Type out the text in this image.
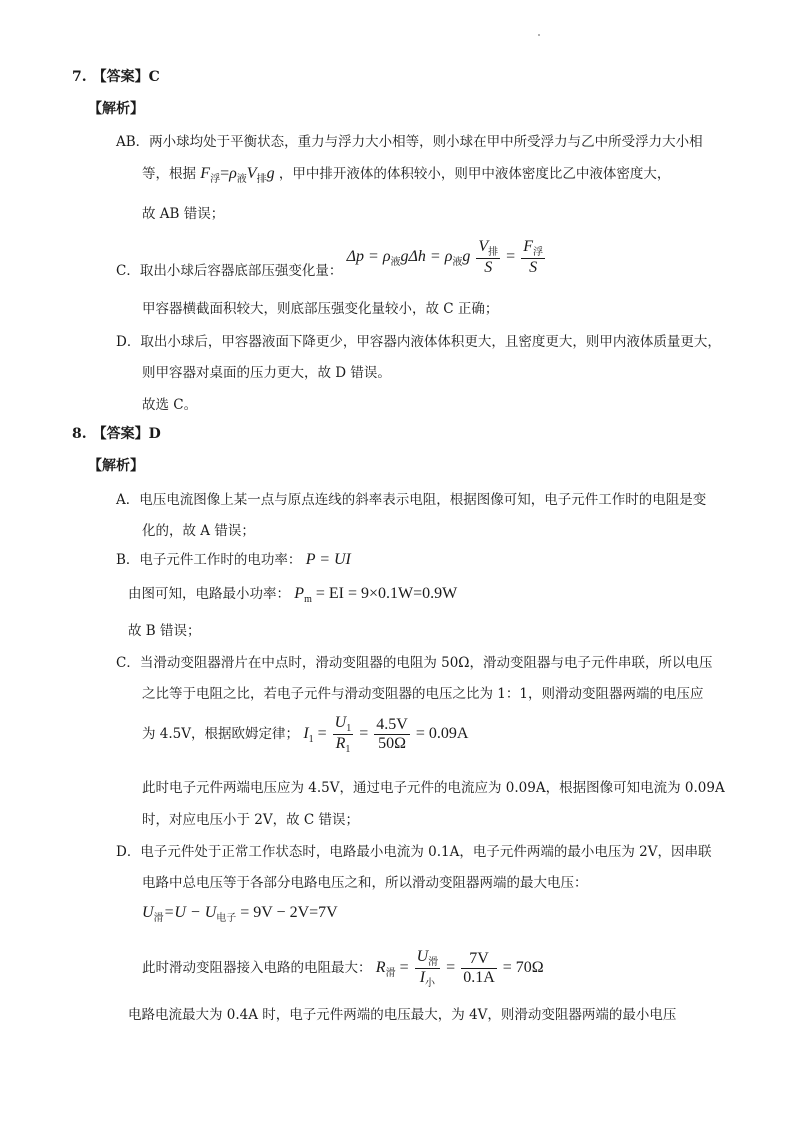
7. 【答案】C
【解析】
AB．两小球均处于平衡状态，重力与浮力大小相等，则小球在甲中所受浮力与乙中所受浮力大小相
等，根据 $F_浮=\rho_液V_排g$ ，甲中排开液体的体积较小，则甲中液体密度比乙中液体密度大，
故 AB 错误；
C．取出小球后容器底部压强变化量： $\Delta p = \rho_液g\Delta h = \rho_液g \frac{V_排}{S} = \frac{F_浮}{S}$
甲容器横截面积较大，则底部压强变化量较小，故 C 正确；
D．取出小球后，甲容器液面下降更少，甲容器内液体体积更大，且密度更大，则甲内液体质量更大，
则甲容器对桌面的压力更大，故 D 错误。
故选 C。
8. 【答案】D
【解析】
A．电压电流图像上某一点与原点连线的斜率表示电阻，根据图像可知，电子元件工作时的电阻是变
化的，故 A 错误；
B．电子元件工作时的电功率： P = UI
由图可知，电路最小功率： $P_m$ = EI = 9×0.1W=0.9W
故 B 错误；
C．当滑动变阻器滑片在中点时，滑动变阻器的电阻为 50Ω，滑动变阻器与电子元件串联，所以电压
之比等于电阻之比，若电子元件与滑动变阻器的电压之比为 1：1，则滑动变阻器两端的电压应
为 4.5V，根据欧姆定律； $I_1 = \frac{U_1}{R_1} = \frac{4.5V}{50\Omega} = 0.09A$
此时电子元件两端电压应为 4.5V，通过电子元件的电流应为 0.09A，根据图像可知电流为 0.09A
时，对应电压小于 2V，故 C 错误；
D．电子元件处于正常工作状态时，电路最小电流为 0.1A，电子元件两端的最小电压为 2V，因串联
电路中总电压等于各部分电路电压之和，所以滑动变阻器两端的最大电压：
$U_滑=U - U_{电子} = 9V - 2V=7V$
此时滑动变阻器接入电路的电阻最大： $R_滑 = \frac{U_滑}{I_小} = \frac{7V}{0.1A} = 70\Omega$
电路电流最大为 0.4A 时，电子元件两端的电压最大，为 4V，则滑动变阻器两端的最小电压
